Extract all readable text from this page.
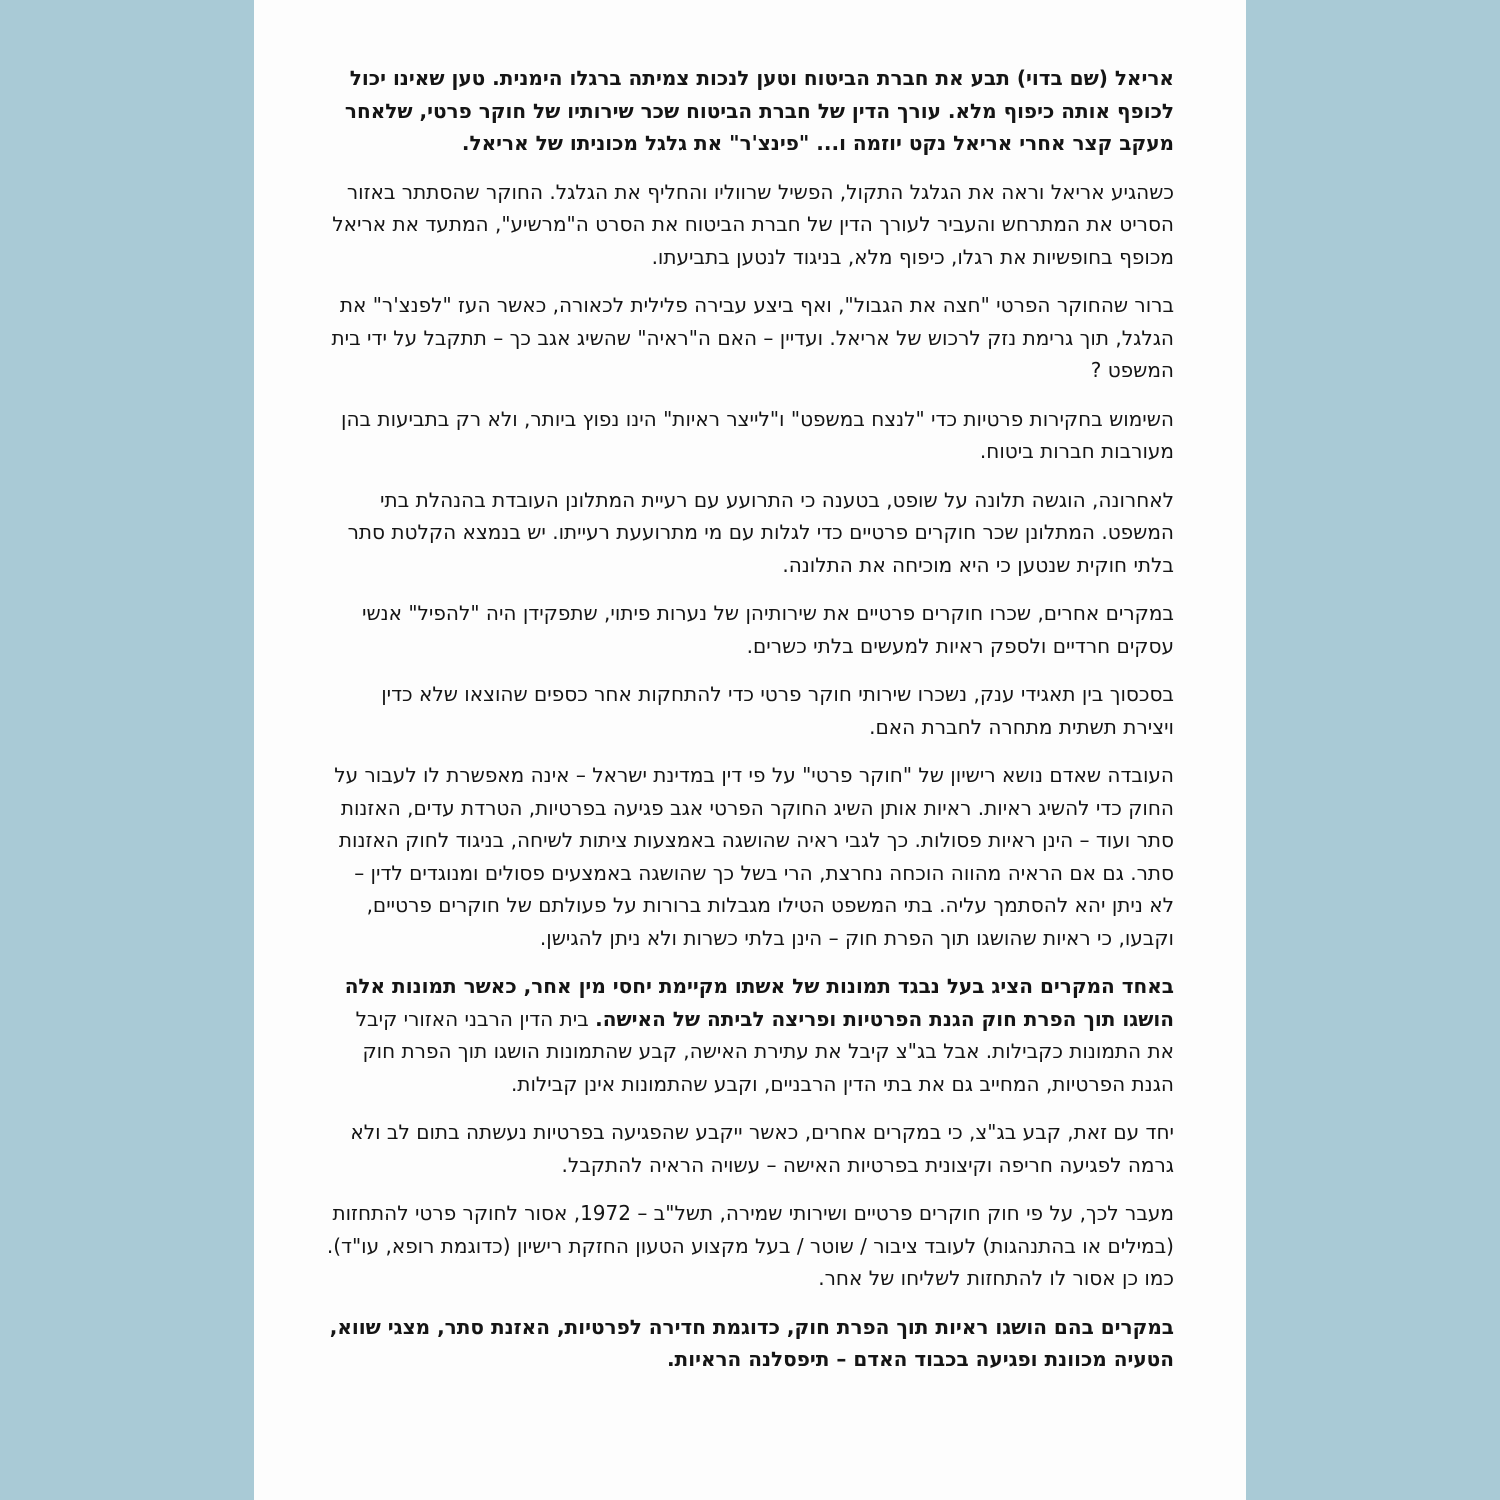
אריאל (שם בדוי) תבע את חברת הביטוח וטען לנכות צמיתה ברגלו הימנית. טען שאינו יכול לכופף אותה כיפוף מלא. עורך הדין של חברת הביטוח שכר שירותיו של חוקר פרטי, שלאחר מעקב קצר אחרי אריאל נקט יוזמה ו... "פינצ'ר" את גלגל מכוניתו של אריאל.

כשהגיע אריאל וראה את הגלגל התקול, הפשיל שרווליו והחליף את הגלגל. החוקר שהסתתר באזור הסריט את המתרחש והעביר לעורך הדין של חברת הביטוח את הסרט ה"מרשיע", המתעד את אריאל מכופף בחופשיות את רגלו, כיפוף מלא, בניגוד לנטען בתביעתו.

ברור שהחוקר הפרטי "חצה את הגבול", ואף ביצע עבירה פלילית לכאורה, כאשר העז "לפנצ'ר" את הגלגל, תוך גרימת נזק לרכוש של אריאל. ועדיין – האם ה"ראיה" שהשיג אגב כך – תתקבל על ידי בית המשפט ?

השימוש בחקירות פרטיות כדי "לנצח במשפט" ו"לייצר ראיות" הינו נפוץ ביותר, ולא רק בתביעות בהן מעורבות חברות ביטוח.

לאחרונה, הוגשה תלונה על שופט, בטענה כי התרועע עם רעיית המתלונן העובדת בהנהלת בתי המשפט. המתלונן שכר חוקרים פרטיים כדי לגלות עם מי מתרועעת רעייתו. יש בנמצא הקלטת סתר בלתי חוקית שנטען כי היא מוכיחה את התלונה.

במקרים אחרים, שכרו חוקרים פרטיים את שירותיהן של נערות פיתוי, שתפקידן היה "להפיל" אנשי עסקים חרדיים ולספק ראיות למעשים בלתי כשרים.

בסכסוך בין תאגידי ענק, נשכרו שירותי חוקר פרטי כדי להתחקות אחר כספים שהוצאו שלא כדין ויצירת תשתית מתחרה לחברת האם.

העובדה שאדם נושא רישיון של "חוקר פרטי" על פי דין במדינת ישראל – אינה מאפשרת לו לעבור על החוק כדי להשיג ראיות. ראיות אותן השיג החוקר הפרטי אגב פגיעה בפרטיות, הטרדת עדים, האזנות סתר ועוד – הינן ראיות פסולות. כך לגבי ראיה שהושגה באמצעות ציתות לשיחה, בניגוד לחוק האזנות סתר. גם אם הראיה מהווה הוכחה נחרצת, הרי בשל כך שהושגה באמצעים פסולים ומנוגדים לדין – לא ניתן יהא להסתמך עליה. בתי המשפט הטילו מגבלות ברורות על פעולתם של חוקרים פרטיים, וקבעו, כי ראיות שהושגו תוך הפרת חוק – הינן בלתי כשרות ולא ניתן להגישן.

באחד המקרים הציג בעל נבגד תמונות של אשתו מקיימת יחסי מין אחר, כאשר תמונות אלה הושגו תוך הפרת חוק הגנת הפרטיות ופריצה לביתה של האישה. בית הדין הרבני האזורי קיבל את התמונות כקבילות. אבל בג"צ קיבל את עתירת האישה, קבע שהתמונות הושגו תוך הפרת חוק הגנת הפרטיות, המחייב גם את בתי הדין הרבניים, וקבע שהתמונות אינן קבילות.

יחד עם זאת, קבע בג"צ, כי במקרים אחרים, כאשר ייקבע שהפגיעה בפרטיות נעשתה בתום לב ולא גרמה לפגיעה חריפה וקיצונית בפרטיות האישה – עשויה הראיה להתקבל.

מעבר לכך, על פי חוק חוקרים פרטיים ושירותי שמירה, תשל"ב – 1972, אסור לחוקר פרטי להתחזות (במילים או בהתנהגות) לעובד ציבור / שוטר / בעל מקצוע הטעון החזקת רישיון (כדוגמת רופא, עו"ד). כמו כן אסור לו להתחזות לשליחו של אחר.

במקרים בהם הושגו ראיות תוך הפרת חוק, כדוגמת חדירה לפרטיות, האזנת סתר, מצגי שווא, הטעיה מכוונת ופגיעה בכבוד האדם – תיפסלנה הראיות.
